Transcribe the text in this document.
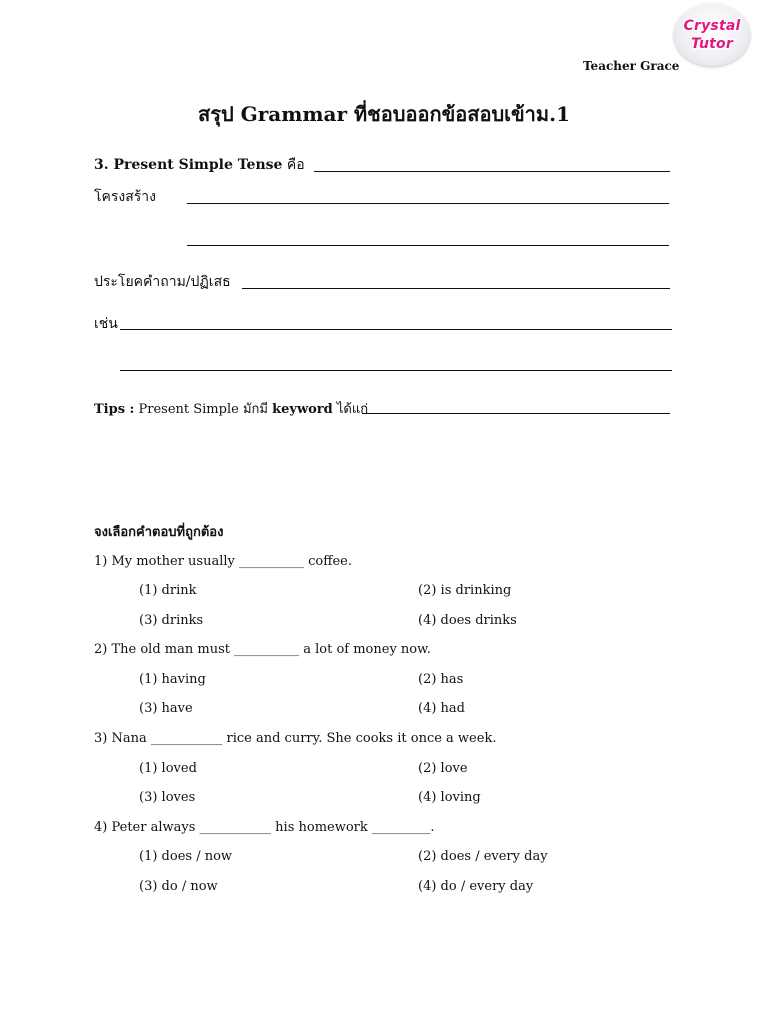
Crystal
Tutor
Teacher Grace
สรุป Grammar ที่ชอบออกข้อสอบเข้าม.1
3. Present Simple Tense คือ
โครงสร้าง
ประโยคคำถาม/ปฏิเสธ
เช่น
Tips : Present Simple มักมี keyword ได้แก่
จงเลือกคำตอบที่ถูกต้อง
1) My mother usually __________ coffee.
(1) drink	(2) is drinking
(3) drinks	(4) does drinks
2) The old man must __________ a lot of money now.
(1) having	(2) has
(3) have	(4) had
3) Nana ___________ rice and curry. She cooks it once a week.
(1) loved	(2) love
(3) loves	(4) loving
4) Peter always ___________ his homework _________.
(1) does / now	(2) does / every day
(3) do / now	(4) do / every day
